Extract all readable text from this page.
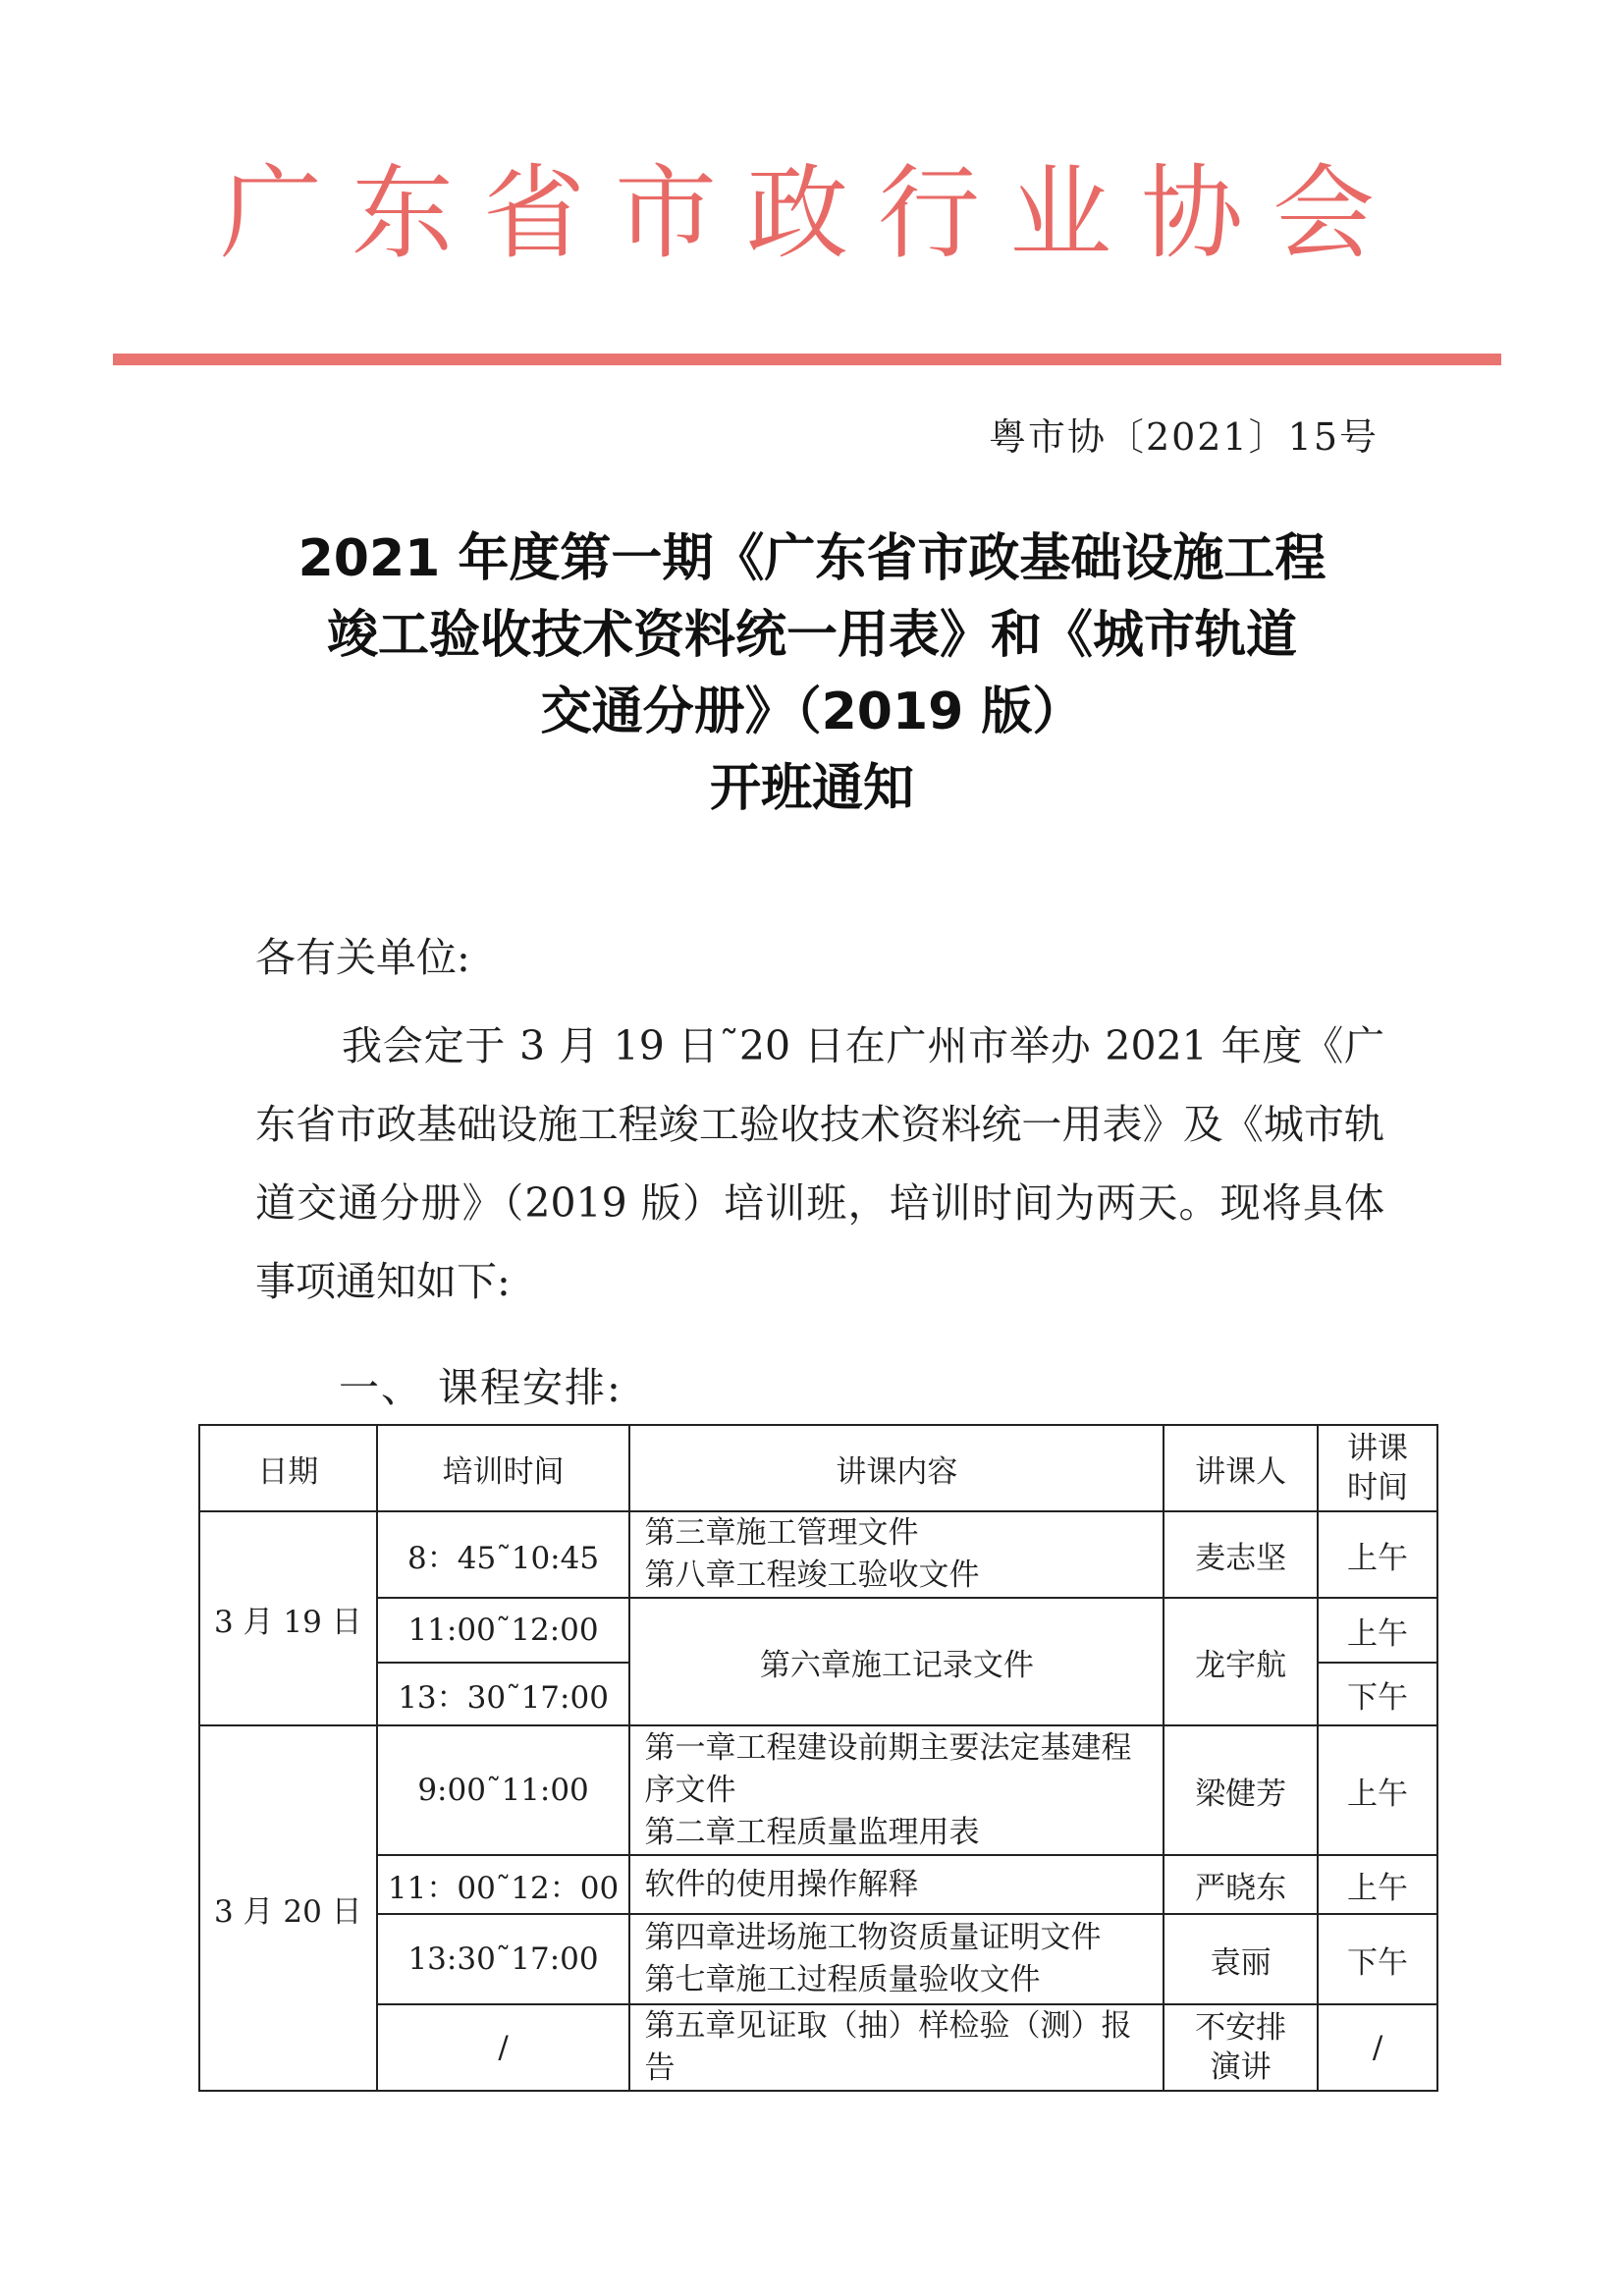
广东省市政行业协会
粤市协〔2021〕15号
2021 年度第一期《广东省市政基础设施工程
竣工验收技术资料统一用表》和《城市轨道
交通分册》（2019 版）
开班通知
各有关单位:
我会定于 3 月 19 日˜20 日在广州市举办 2021 年度《广东省市政基础设施工程竣工验收技术资料统一用表》及《城市轨道交通分册》（2019 版）培训班，培训时间为两天。现将具体事项通知如下:
一、 课程安排:
日期	培训时间	讲课内容	讲课人	讲课时间
3 月 19 日	8：45˜10:45	第三章施工管理文件
第八章工程竣工验收文件	麦志坚	上午
	11:00˜12:00	第六章施工记录文件	龙宇航	上午
	13：30˜17:00			下午
3 月 20 日	9:00˜11:00	第一章工程建设前期主要法定基建程序文件
第二章工程质量监理用表	梁健芳	上午
	11：00˜12：00	软件的使用操作解释	严晓东	上午
	13:30˜17:00	第四章进场施工物资质量证明文件
第七章施工过程质量验收文件	袁丽	下午
	/	第五章见证取（抽）样检验（测）报告	不安排演讲	/
